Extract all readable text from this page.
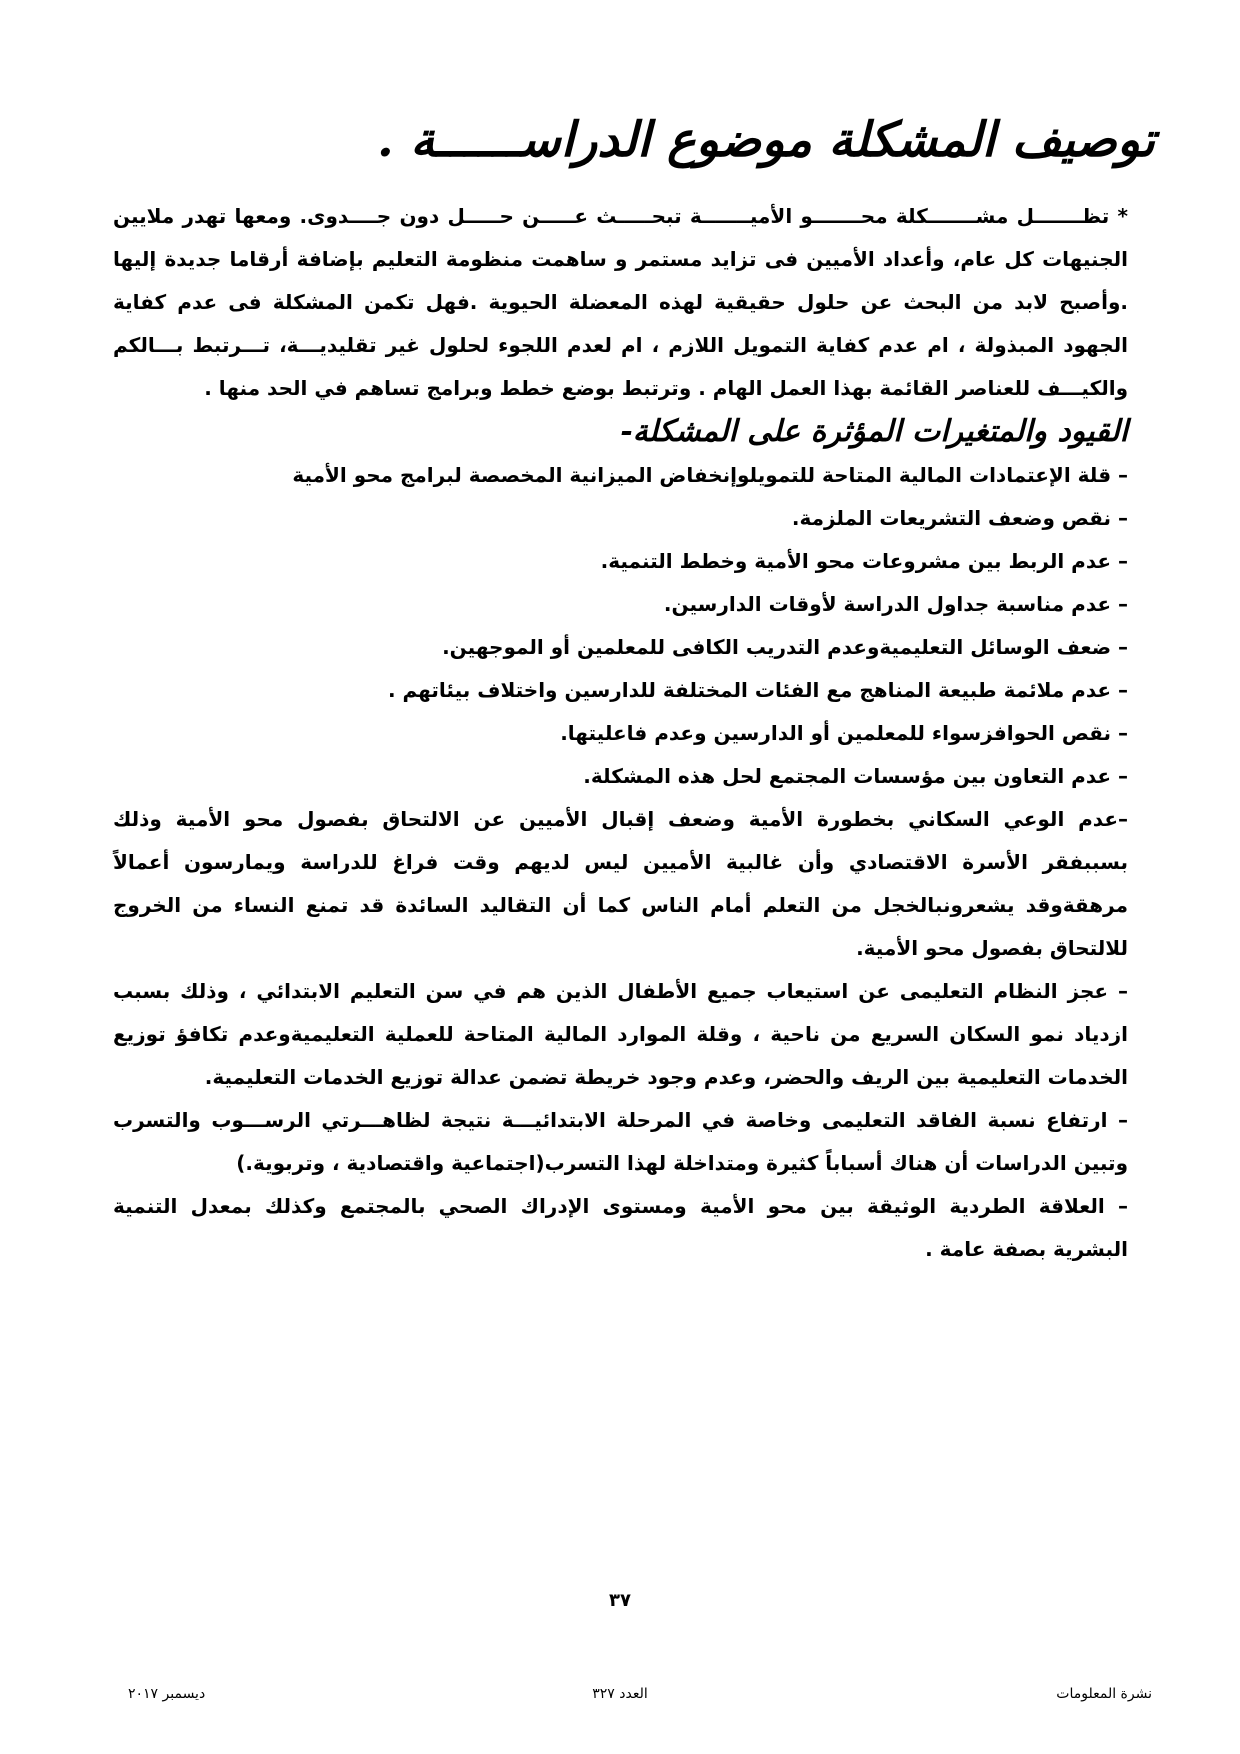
توصيف المشكلة موضوع الدراســــــة .

* تظـــــــل مشـــــــكلة محـــــــو الأميـــــــة تبحـــــث عـــــن حـــــل دون جــــدوى. ومعها تهدر ملايين الجنيهات كل عام، وأعداد الأميين فى تزايد مستمر و ساهمت منظومة التعليم بإضافة أرقاما جديدة إليها .وأصبح لابد من البحث عن حلول حقيقية لهذه المعضلة الحيوية .فهل تكمن المشكلة فى عدم كفاية الجهود المبذولة ، ام عدم كفاية التمويل اللازم ، ام لعدم اللجوء لحلول غير تقليديـــة، تـــرتبط بـــالكم والكيـــف للعناصر القائمة بهذا العمل الهام . وترتبط بوضع خطط وبرامج تساهم في الحد منها .

القيود والمتغيرات المؤثرة على المشكلة-
– قلة الإعتمادات المالية المتاحة للتمويلوإنخفاض الميزانية المخصصة لبرامج محو الأمية
– نقص وضعف التشريعات الملزمة.
– عدم الربط بين مشروعات محو الأمية وخطط التنمية.
– عدم مناسبة جداول الدراسة لأوقات الدارسين.
– ضعف الوسائل التعليميةوعدم التدريب الكافى للمعلمين أو الموجهين.
– عدم ملائمة طبيعة المناهج مع الفئات المختلفة للدارسين واختلاف بيئاتهم .
– نقص الحوافزسواء للمعلمين أو الدارسين وعدم فاعليتها.
– عدم التعاون بين مؤسسات المجتمع لحل هذه المشكلة.
–عدم الوعي السكاني بخطورة الأمية وضعف إقبال الأميين عن الالتحاق بفصول محو الأمية وذلك بسببفقر الأسرة الاقتصادي وأن غالبية الأميين ليس لديهم وقت فراغ للدراسة ويمارسون أعمالاً مرهقةوقد يشعرونبالخجل من التعلم أمام الناس كما أن التقاليد السائدة قد تمنع النساء من الخروج للالتحاق بفصول محو الأمية.
– عجز النظام التعليمى عن استيعاب جميع الأطفال الذين هم في سن التعليم الابتدائي ، وذلك بسبب ازدياد نمو السكان السريع من ناحية ، وقلة الموارد المالية المتاحة للعملية التعليميةوعدم تكافؤ توزيع الخدمات التعليمية بين الريف والحضر، وعدم وجود خريطة تضمن عدالة توزيع الخدمات التعليمية.
– ارتفاع نسبة الفاقد التعليمى وخاصة في المرحلة الابتدائيـــة نتيجة لظاهـــرتي الرســـوب والتسرب وتبين الدراسات أن هناك أسباباً كثيرة ومتداخلة لهذا التسرب(اجتماعية واقتصادية ، وتربوية.)
– العلاقة الطردية الوثيقة بين محو الأمية ومستوى الإدراك الصحي بالمجتمع وكذلك بمعدل التنمية البشرية بصفة عامة .
٣٧
نشرة المعلومات
العدد ٣٢٧
ديسمبر ٢٠١٧
